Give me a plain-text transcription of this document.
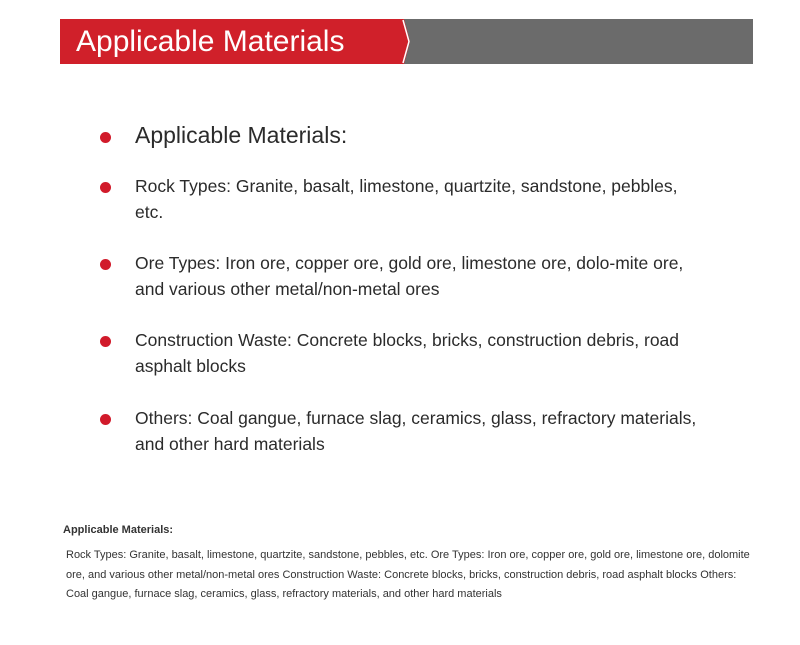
Applicable Materials
Applicable Materials:
Rock Types: Granite, basalt, limestone, quartzite, sandstone, pebbles, etc.
Ore Types: Iron ore, copper ore, gold ore, limestone ore, dolo-mite ore, and various other metal/non-metal ores
Construction Waste: Concrete blocks, bricks, construction debris, road asphalt blocks
Others: Coal gangue, furnace slag, ceramics, glass, refractory materials, and other hard materials
Applicable Materials:
Rock Types: Granite, basalt, limestone, quartzite, sandstone, pebbles, etc. Ore Types: Iron ore, copper ore, gold ore, limestone ore, dolomite ore, and various other metal/non-metal ores Construction Waste: Concrete blocks, bricks, construction debris, road asphalt blocks Others: Coal gangue, furnace slag, ceramics, glass, refractory materials, and other hard materials
